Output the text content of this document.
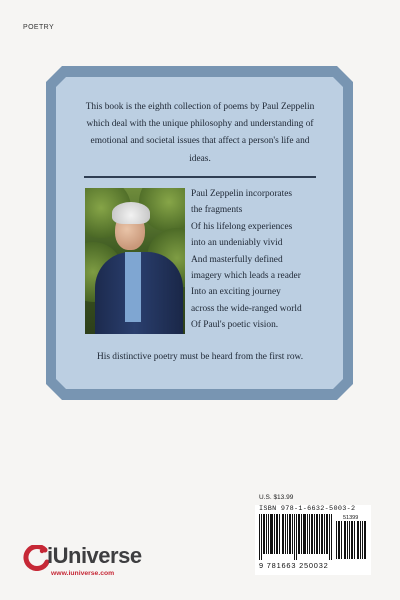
POETRY

This book is the eighth collection of poems by Paul Zeppelin which deal with the unique philosophy and understanding of emotional and societal issues that affect a person's life and ideas.

Paul Zeppelin incorporates
the fragments
Of his lifelong experiences
into an undeniably vivid
And masterfully defined
imagery which leads a reader
Into an exciting journey
across the wide-ranged world
Of Paul's poetic vision.

His distinctive poetry must be heard from the first row.

U.S. $13.99
ISBN 978-1-6632-5003-2
51399
9 781663 250032
iUniverse
www.iuniverse.com
